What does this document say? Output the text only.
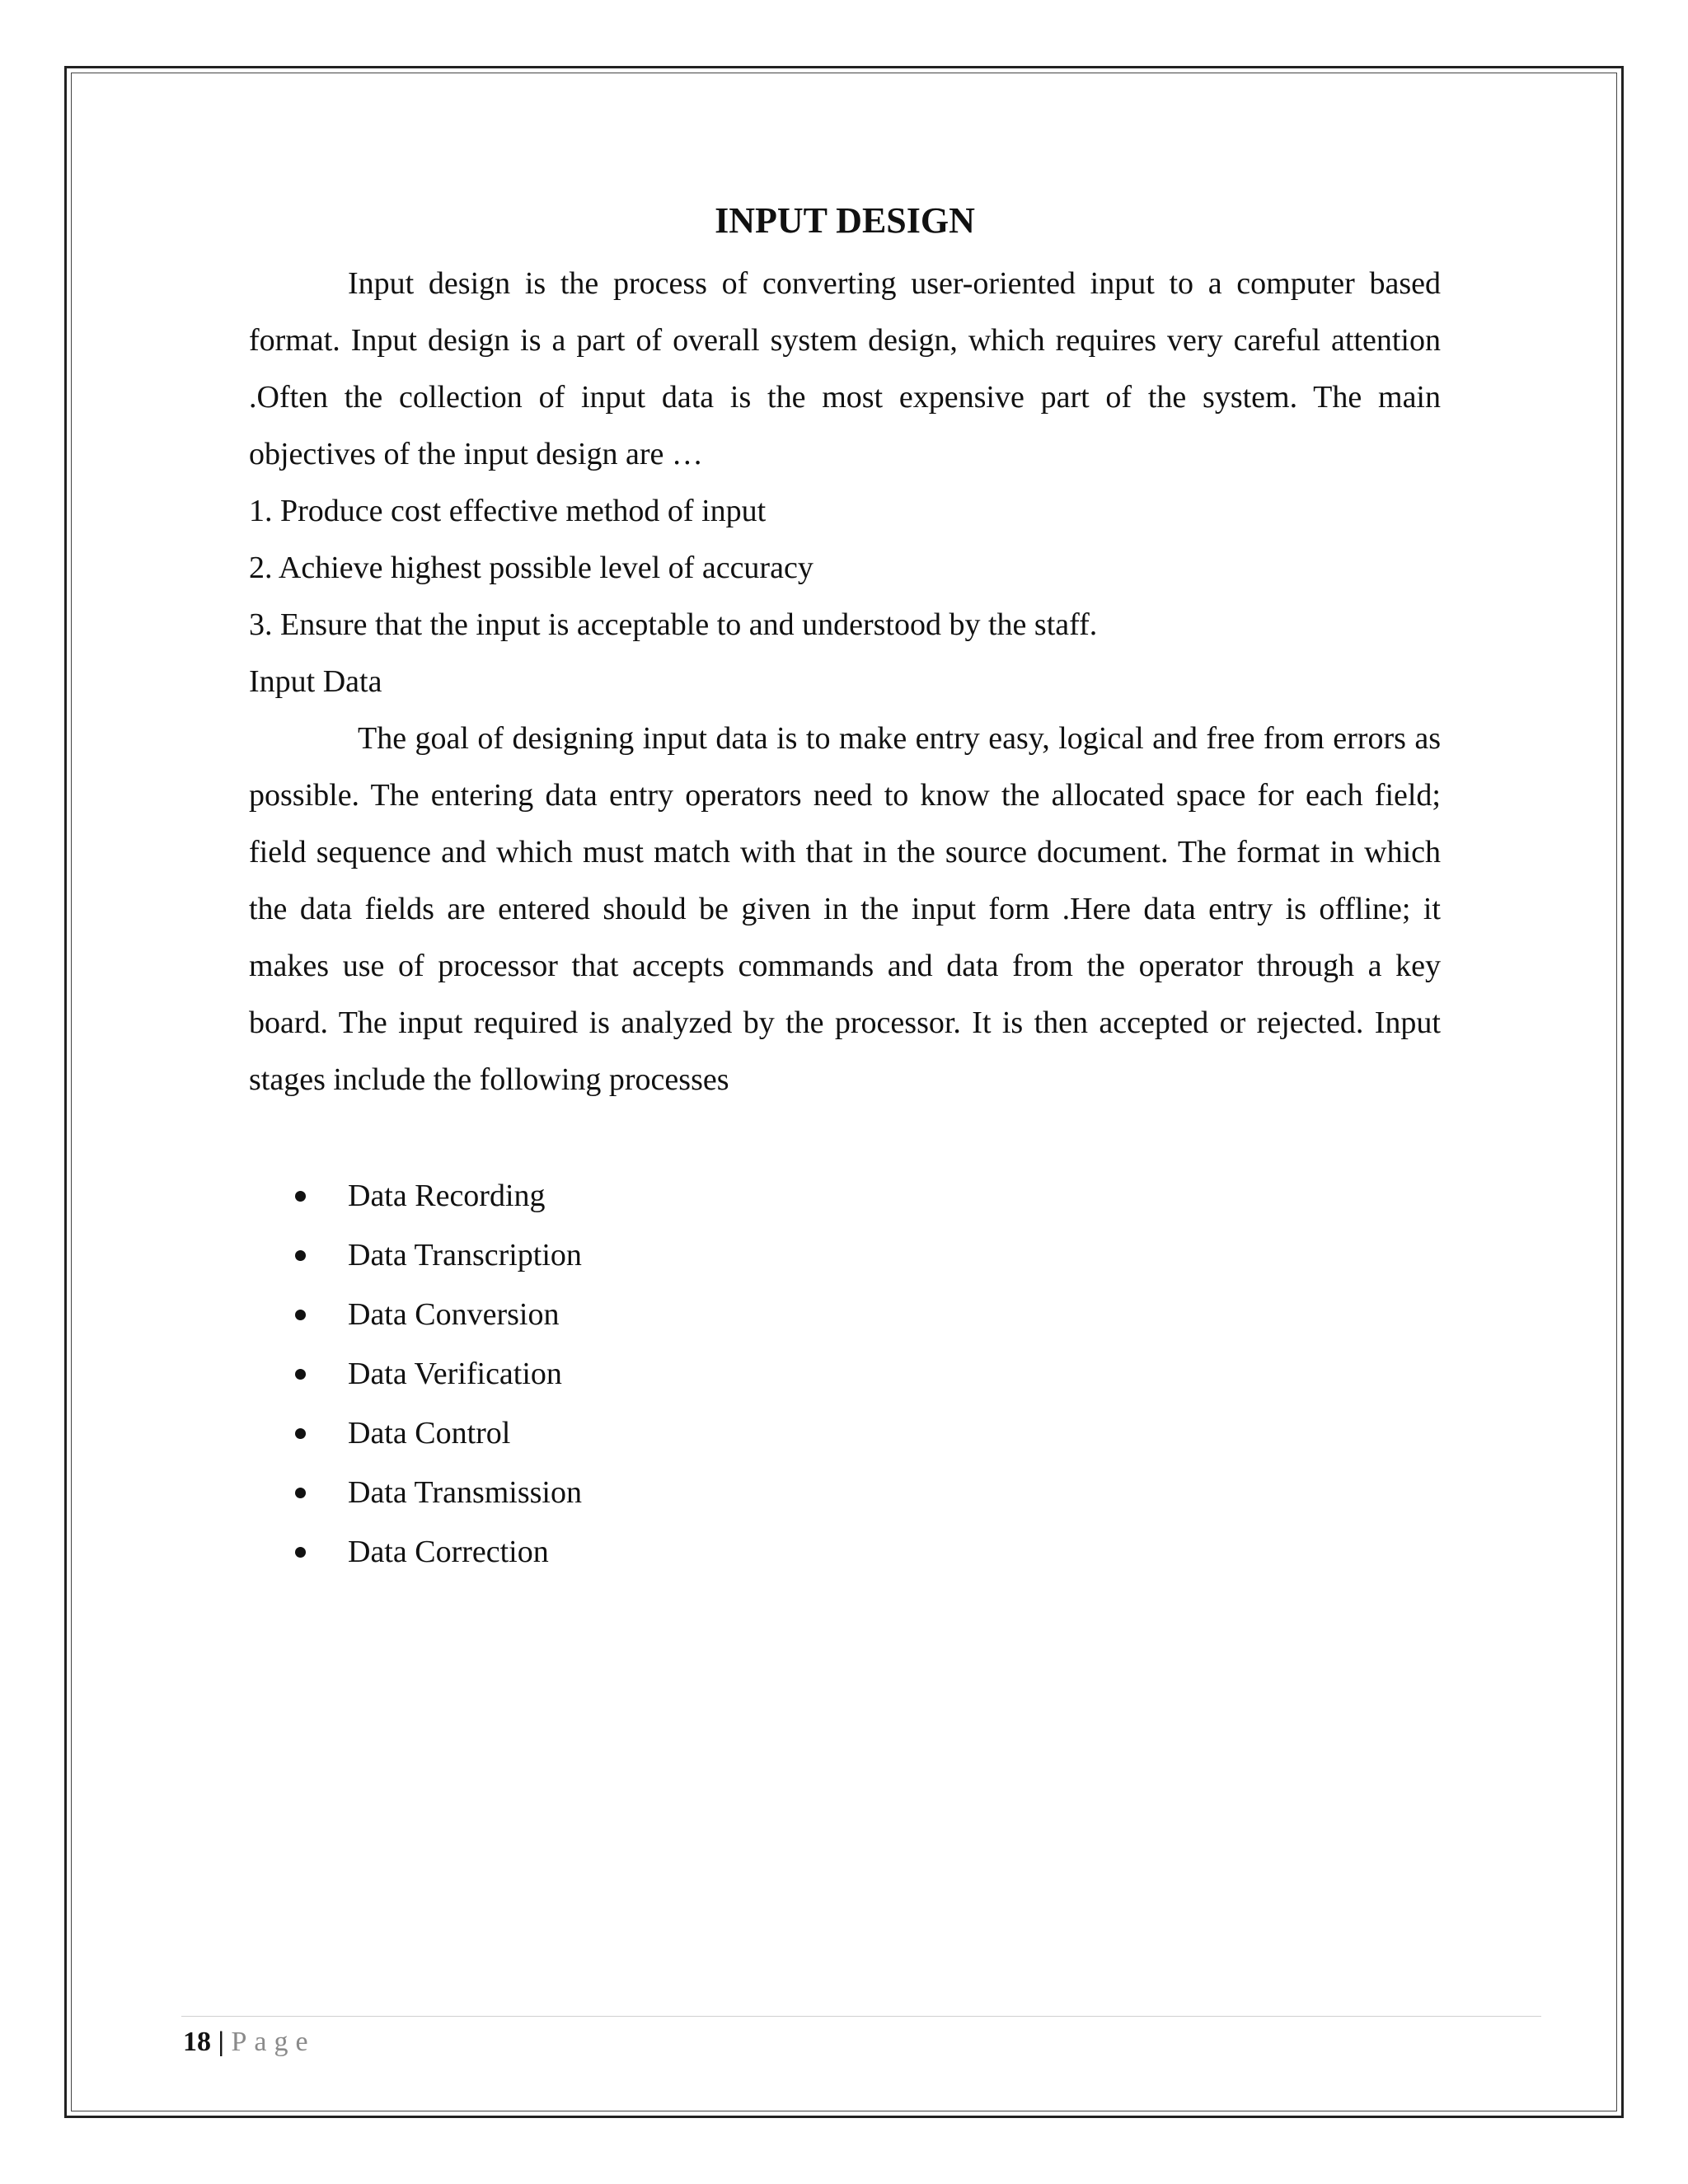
INPUT DESIGN

Input design is the process of converting user-oriented input to a computer based format. Input design is a part of overall system design, which requires very careful attention .Often the collection of input data is the most expensive part of the system. The main objectives of the input design are …

1. Produce cost effective method of input

2. Achieve highest possible level of accuracy

3. Ensure that the input is acceptable to and understood by the staff.

Input Data

The goal of designing input data is to make entry easy, logical and free from errors as possible. The entering data entry operators need to know the allocated space for each field; field sequence and which must match with that in the source document. The format in which the data fields are entered should be given in the input form .Here data entry is offline; it makes use of processor that accepts commands and data from the operator through a key board. The input required is analyzed by the processor. It is then accepted or rejected. Input stages include the following processes

Data Recording
Data Transcription
Data Conversion
Data Verification
Data Control
Data Transmission
Data Correction
18 | Page
